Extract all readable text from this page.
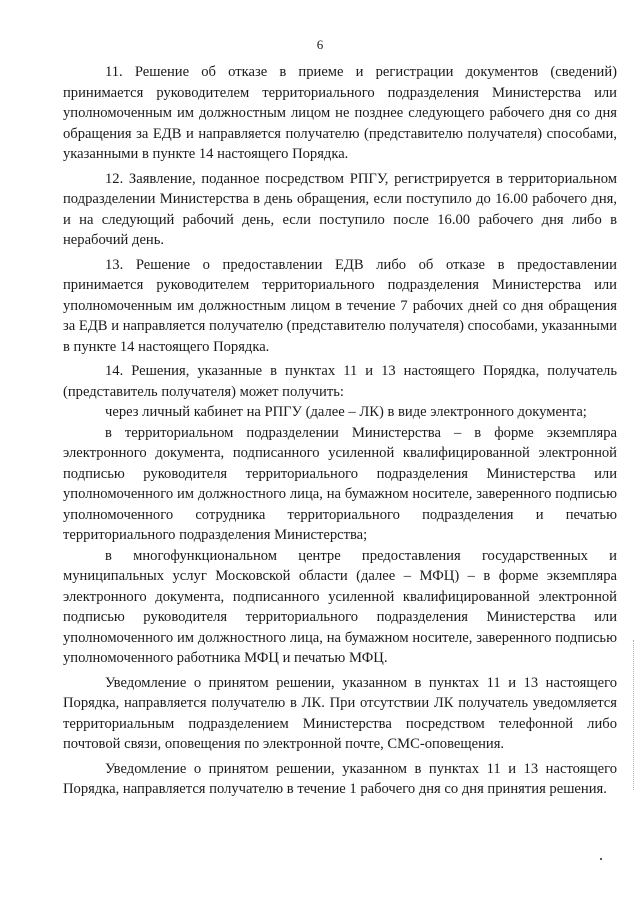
6

11. Решение об отказе в приеме и регистрации документов (сведений) принимается руководителем территориального подразделения Министерства или уполномоченным им должностным лицом не позднее следующего рабочего дня со дня обращения за ЕДВ и направляется получателю (представителю получателя) способами, указанными в пункте 14 настоящего Порядка.

12. Заявление, поданное посредством РПГУ, регистрируется в территориальном подразделении Министерства в день обращения, если поступило до 16.00 рабочего дня, и на следующий рабочий день, если поступило после 16.00 рабочего дня либо в нерабочий день.

13. Решение о предоставлении ЕДВ либо об отказе в предоставлении принимается руководителем территориального подразделения Министерства или уполномоченным им должностным лицом в течение 7 рабочих дней со дня обращения за ЕДВ и направляется получателю (представителю получателя) способами, указанными в пункте 14 настоящего Порядка.

14. Решения, указанные в пунктах 11 и 13 настоящего Порядка, получатель (представитель получателя) может получить:

через личный кабинет на РПГУ (далее – ЛК) в виде электронного документа;

в территориальном подразделении Министерства – в форме экземпляра электронного документа, подписанного усиленной квалифицированной электронной подписью руководителя территориального подразделения Министерства или уполномоченного им должностного лица, на бумажном носителе, заверенного подписью уполномоченного сотрудника территориального подразделения и печатью территориального подразделения Министерства;

в многофункциональном центре предоставления государственных и муниципальных услуг Московской области (далее – МФЦ) – в форме экземпляра электронного документа, подписанного усиленной квалифицированной электронной подписью руководителя территориального подразделения Министерства или уполномоченного им должностного лица, на бумажном носителе, заверенного подписью уполномоченного работника МФЦ и печатью МФЦ.

Уведомление о принятом решении, указанном в пунктах 11 и 13 настоящего Порядка, направляется получателю в ЛК. При отсутствии ЛК получатель уведомляется территориальным подразделением Министерства посредством телефонной либо почтовой связи, оповещения по электронной почте, СМС-оповещения.

Уведомление о принятом решении, указанном в пунктах 11 и 13 настоящего Порядка, направляется получателю в течение 1 рабочего дня со дня принятия решения.
